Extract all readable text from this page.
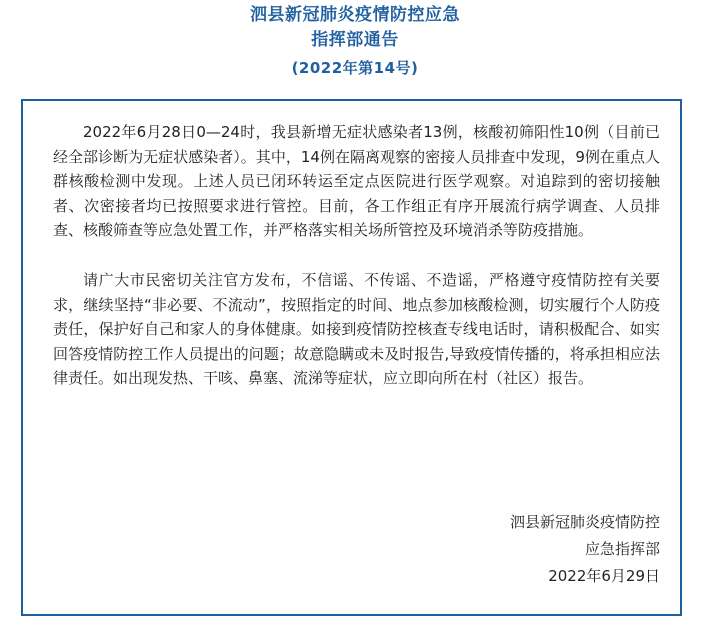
泗县新冠肺炎疫情防控应急
指挥部通告
(2022年第14号)

2022年6月28日0—24时，我县新增无症状感染者13例，核酸初筛阳性10例（目前已经全部诊断为无症状感染者）。其中，14例在隔离观察的密接人员排查中发现，9例在重点人群核酸检测中发现。上述人员已闭环转运至定点医院进行医学观察。对追踪到的密切接触者、次密接者均已按照要求进行管控。目前，各工作组正有序开展流行病学调查、人员排查、核酸筛查等应急处置工作，并严格落实相关场所管控及环境消杀等防疫措施。

请广大市民密切关注官方发布，不信谣、不传谣、不造谣，严格遵守疫情防控有关要求，继续坚持“非必要、不流动”，按照指定的时间、地点参加核酸检测，切实履行个人防疫责任，保护好自己和家人的身体健康。如接到疫情防控核查专线电话时，请积极配合、如实回答疫情防控工作人员提出的问题；故意隐瞒或未及时报告,导致疫情传播的，将承担相应法律责任。如出现发热、干咳、鼻塞、流涕等症状，应立即向所在村（社区）报告。

泗县新冠肺炎疫情防控
应急指挥部
2022年6月29日
